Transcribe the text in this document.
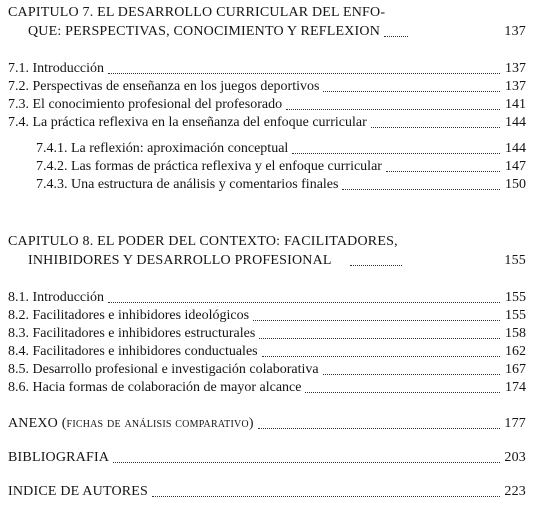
CAPITULO 7. EL DESARROLLO CURRICULAR DEL ENFO-
QUE: PERSPECTIVAS, CONOCIMIENTO Y REFLEXION	137
7.1. Introducción	137
7.2. Perspectivas de enseñanza en los juegos deportivos	137
7.3. El conocimiento profesional del profesorado	141
7.4. La práctica reflexiva en la enseñanza del enfoque curricular	144
7.4.1. La reflexión: aproximación conceptual	144
7.4.2. Las formas de práctica reflexiva y el enfoque curricular	147
7.4.3. Una estructura de análisis y comentarios finales	150
CAPITULO 8. EL PODER DEL CONTEXTO: FACILITADORES,
INHIBIDORES Y DESARROLLO PROFESIONAL	155
8.1. Introducción	155
8.2. Facilitadores e inhibidores ideológicos	155
8.3. Facilitadores e inhibidores estructurales	158
8.4. Facilitadores e inhibidores conductuales	162
8.5. Desarrollo profesional e investigación colaborativa	167
8.6. Hacia formas de colaboración de mayor alcance	174
ANEXO (fichas de análisis comparativo)	177
BIBLIOGRAFIA	203
INDICE DE AUTORES	223
